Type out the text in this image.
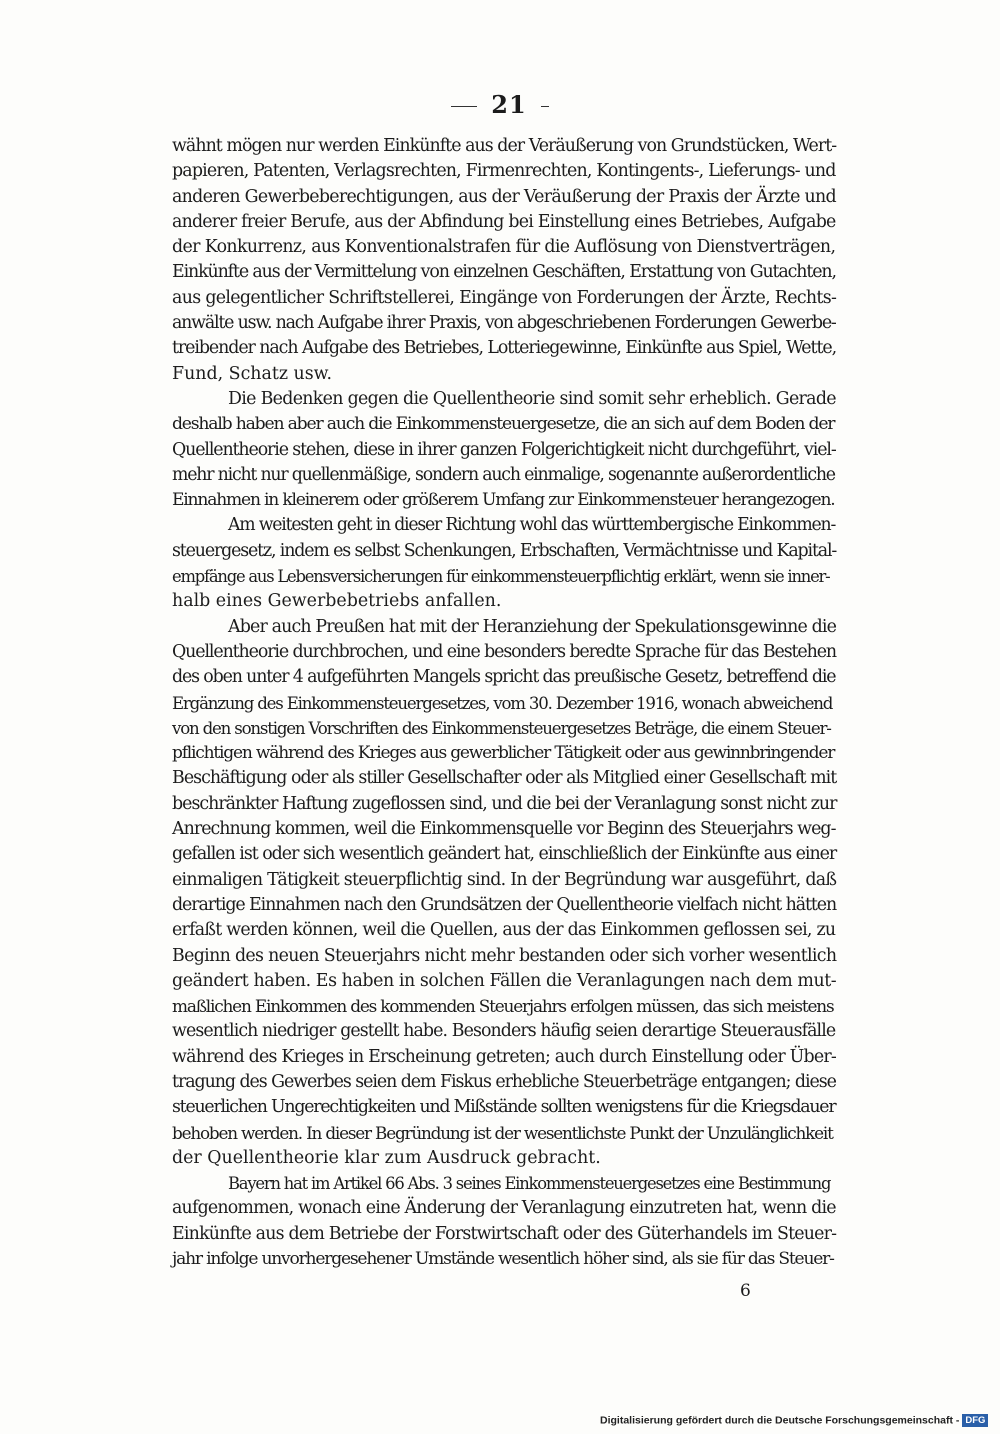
21
wähnt mögen nur werden Einkünfte aus der Veräußerung von Grundstücken, Wert-
papieren, Patenten, Verlagsrechten, Firmenrechten, Kontingents-, Lieferungs- und
anderen Gewerbeberechtigungen, aus der Veräußerung der Praxis der Ärzte und
anderer freier Berufe, aus der Abfindung bei Einstellung eines Betriebes, Aufgabe
der Konkurrenz, aus Konventionalstrafen für die Auflösung von Dienstverträgen,
Einkünfte aus der Vermittelung von einzelnen Geschäften, Erstattung von Gutachten,
aus gelegentlicher Schriftstellerei, Eingänge von Forderungen der Ärzte, Rechts-
anwälte usw. nach Aufgabe ihrer Praxis, von abgeschriebenen Forderungen Gewerbe-
treibender nach Aufgabe des Betriebes, Lotteriegewinne, Einkünfte aus Spiel, Wette,
Fund, Schatz usw.
Die Bedenken gegen die Quellentheorie sind somit sehr erheblich. Gerade
deshalb haben aber auch die Einkommensteuergesetze, die an sich auf dem Boden der
Quellentheorie stehen, diese in ihrer ganzen Folgerichtigkeit nicht durchgeführt, viel-
mehr nicht nur quellenmäßige, sondern auch einmalige, sogenannte außerordentliche
Einnahmen in kleinerem oder größerem Umfang zur Einkommensteuer herangezogen.
Am weitesten geht in dieser Richtung wohl das württembergische Einkommen-
steuergesetz, indem es selbst Schenkungen, Erbschaften, Vermächtnisse und Kapital-
empfänge aus Lebensversicherungen für einkommensteuerpflichtig erklärt, wenn sie inner-
halb eines Gewerbebetriebs anfallen.
Aber auch Preußen hat mit der Heranziehung der Spekulationsgewinne die
Quellentheorie durchbrochen, und eine besonders beredte Sprache für das Bestehen
des oben unter 4 aufgeführten Mangels spricht das preußische Gesetz, betreffend die
Ergänzung des Einkommensteuergesetzes, vom 30. Dezember 1916, wonach abweichend
von den sonstigen Vorschriften des Einkommensteuergesetzes Beträge, die einem Steuer-
pflichtigen während des Krieges aus gewerblicher Tätigkeit oder aus gewinnbringender
Beschäftigung oder als stiller Gesellschafter oder als Mitglied einer Gesellschaft mit
beschränkter Haftung zugeflossen sind, und die bei der Veranlagung sonst nicht zur
Anrechnung kommen, weil die Einkommensquelle vor Beginn des Steuerjahrs weg-
gefallen ist oder sich wesentlich geändert hat, einschließlich der Einkünfte aus einer
einmaligen Tätigkeit steuerpflichtig sind. In der Begründung war ausgeführt, daß
derartige Einnahmen nach den Grundsätzen der Quellentheorie vielfach nicht hätten
erfaßt werden können, weil die Quellen, aus der das Einkommen geflossen sei, zu
Beginn des neuen Steuerjahrs nicht mehr bestanden oder sich vorher wesentlich
geändert haben. Es haben in solchen Fällen die Veranlagungen nach dem mut-
maßlichen Einkommen des kommenden Steuerjahrs erfolgen müssen, das sich meistens
wesentlich niedriger gestellt habe. Besonders häufig seien derartige Steuerausfälle
während des Krieges in Erscheinung getreten; auch durch Einstellung oder Über-
tragung des Gewerbes seien dem Fiskus erhebliche Steuerbeträge entgangen; diese
steuerlichen Ungerechtigkeiten und Mißstände sollten wenigstens für die Kriegsdauer
behoben werden. In dieser Begründung ist der wesentlichste Punkt der Unzulänglichkeit
der Quellentheorie klar zum Ausdruck gebracht.
Bayern hat im Artikel 66 Abs. 3 seines Einkommensteuergesetzes eine Bestimmung
aufgenommen, wonach eine Änderung der Veranlagung einzutreten hat, wenn die
Einkünfte aus dem Betriebe der Forstwirtschaft oder des Güterhandels im Steuer-
jahr infolge unvorhergesehener Umstände wesentlich höher sind, als sie für das Steuer-
6
Digitalisierung gefördert durch die Deutsche Forschungsgemeinschaft - DFG
